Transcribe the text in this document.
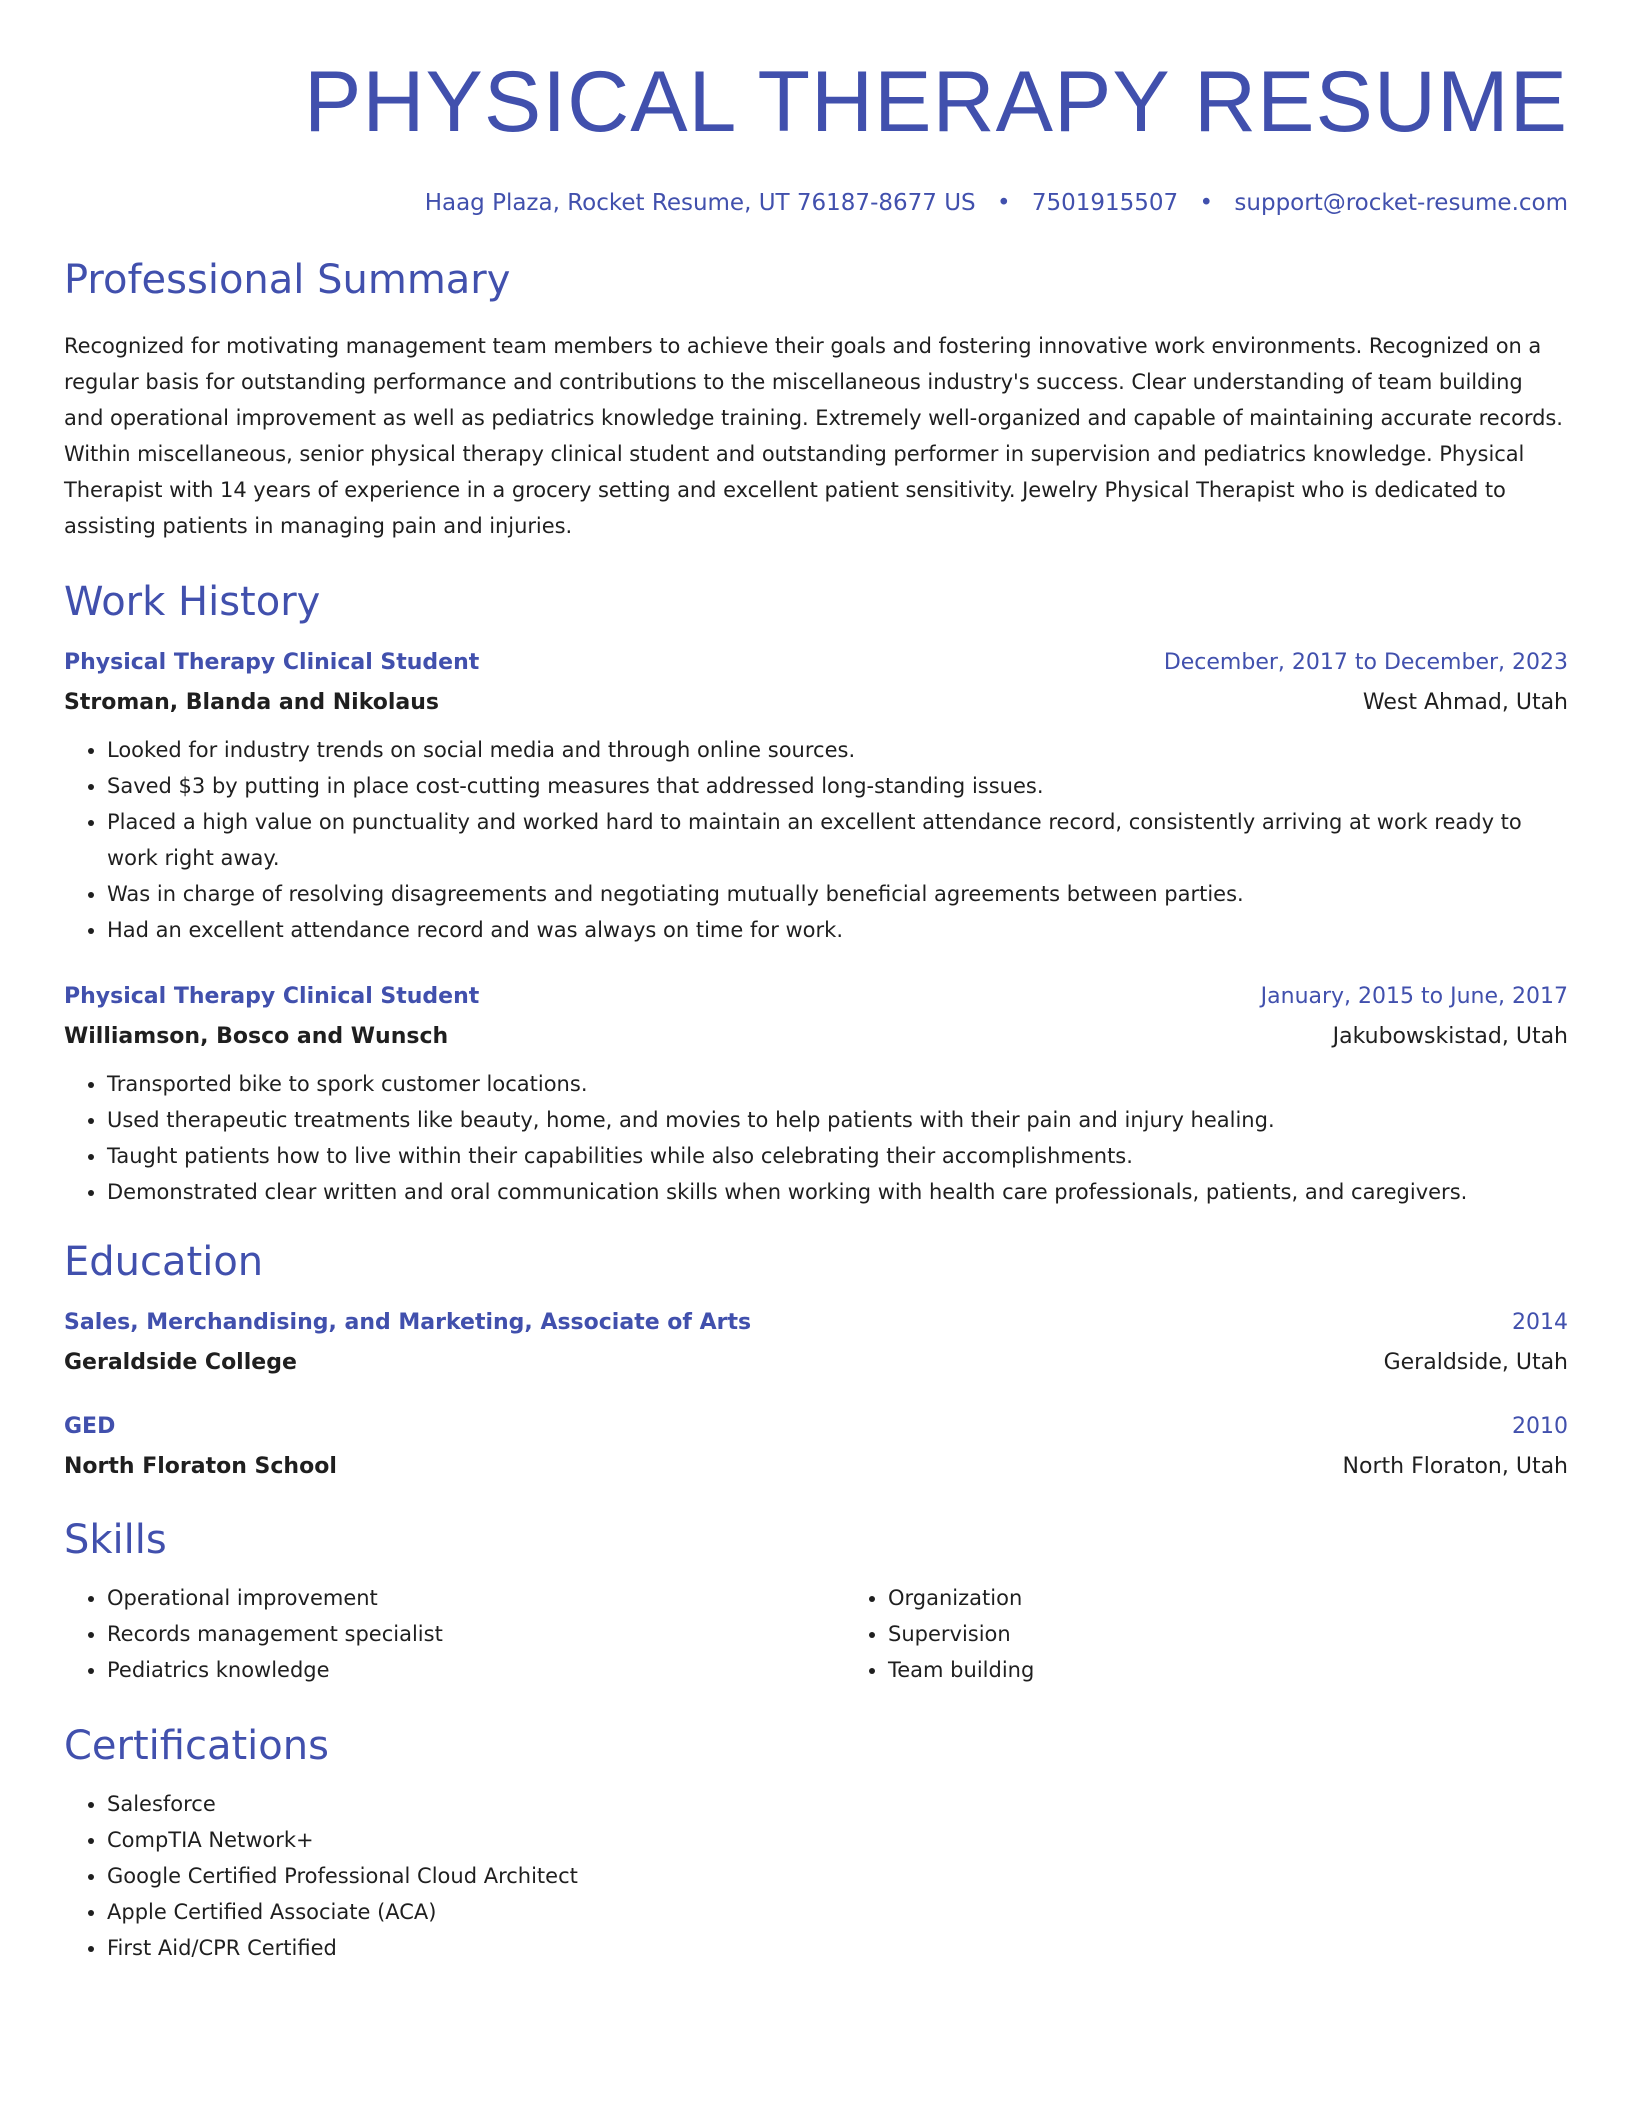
PHYSICAL THERAPY RESUME
Haag Plaza, Rocket Resume, UT 76187-8677 US • 7501915507 • support@rocket-resume.com
Professional Summary

Recognized for motivating management team members to achieve their goals and fostering innovative work environments. Recognized on a regular basis for outstanding performance and contributions to the miscellaneous industry's success. Clear understanding of team building and operational improvement as well as pediatrics knowledge training. Extremely well-organized and capable of maintaining accurate records. Within miscellaneous, senior physical therapy clinical student and outstanding performer in supervision and pediatrics knowledge. Physical Therapist with 14 years of experience in a grocery setting and excellent patient sensitivity. Jewelry Physical Therapist who is dedicated to assisting patients in managing pain and injuries.

Work History
Physical Therapy Clinical Student	December, 2017 to December, 2023
Stroman, Blanda and Nikolaus	West Ahmad, Utah
• Looked for industry trends on social media and through online sources.
• Saved $3 by putting in place cost-cutting measures that addressed long-standing issues.
• Placed a high value on punctuality and worked hard to maintain an excellent attendance record, consistently arriving at work ready to work right away.
• Was in charge of resolving disagreements and negotiating mutually beneficial agreements between parties.
• Had an excellent attendance record and was always on time for work.
Physical Therapy Clinical Student	January, 2015 to June, 2017
Williamson, Bosco and Wunsch	Jakubowskistad, Utah
• Transported bike to spork customer locations.
• Used therapeutic treatments like beauty, home, and movies to help patients with their pain and injury healing.
• Taught patients how to live within their capabilities while also celebrating their accomplishments.
• Demonstrated clear written and oral communication skills when working with health care professionals, patients, and caregivers.
Education
Sales, Merchandising, and Marketing, Associate of Arts	2014
Geraldside College	Geraldside, Utah
GED	2010
North Floraton School	North Floraton, Utah
Skills
• Operational improvement
• Records management specialist
• Pediatrics knowledge
• Organization
• Supervision
• Team building
Certifications
• Salesforce
• CompTIA Network+
• Google Certified Professional Cloud Architect
• Apple Certified Associate (ACA)
• First Aid/CPR Certified
